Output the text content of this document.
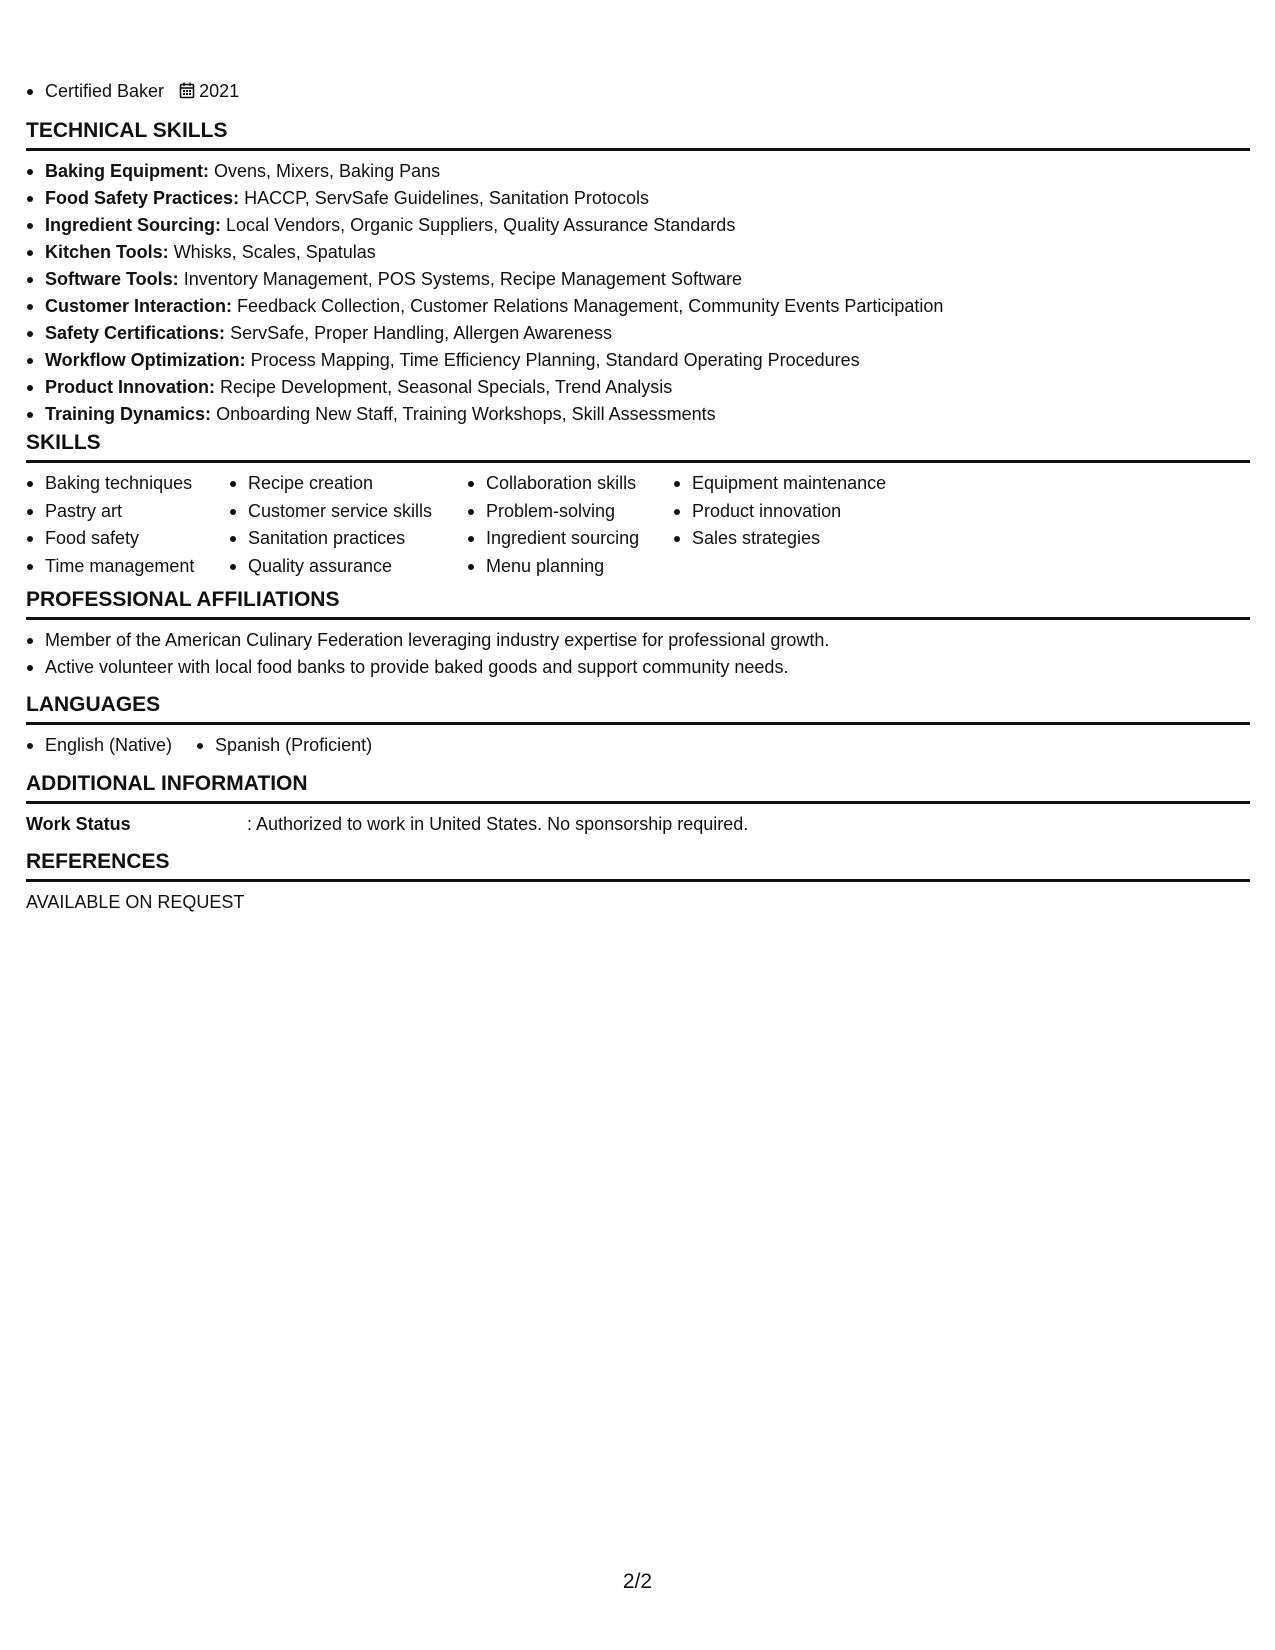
Certified Baker 2021
TECHNICAL SKILLS
Baking Equipment: Ovens, Mixers, Baking Pans
Food Safety Practices: HACCP, ServSafe Guidelines, Sanitation Protocols
Ingredient Sourcing: Local Vendors, Organic Suppliers, Quality Assurance Standards
Kitchen Tools: Whisks, Scales, Spatulas
Software Tools: Inventory Management, POS Systems, Recipe Management Software
Customer Interaction: Feedback Collection, Customer Relations Management, Community Events Participation
Safety Certifications: ServSafe, Proper Handling, Allergen Awareness
Workflow Optimization: Process Mapping, Time Efficiency Planning, Standard Operating Procedures
Product Innovation: Recipe Development, Seasonal Specials, Trend Analysis
Training Dynamics: Onboarding New Staff, Training Workshops, Skill Assessments
SKILLS
Baking techniques
Pastry art
Food safety
Time management
Recipe creation
Customer service skills
Sanitation practices
Quality assurance
Collaboration skills
Problem-solving
Ingredient sourcing
Menu planning
Equipment maintenance
Product innovation
Sales strategies
PROFESSIONAL AFFILIATIONS
Member of the American Culinary Federation leveraging industry expertise for professional growth.
Active volunteer with local food banks to provide baked goods and support community needs.
LANGUAGES
English (Native)	Spanish (Proficient)
ADDITIONAL INFORMATION
Work Status	: Authorized to work in United States. No sponsorship required.
REFERENCES
AVAILABLE ON REQUEST
2/2
